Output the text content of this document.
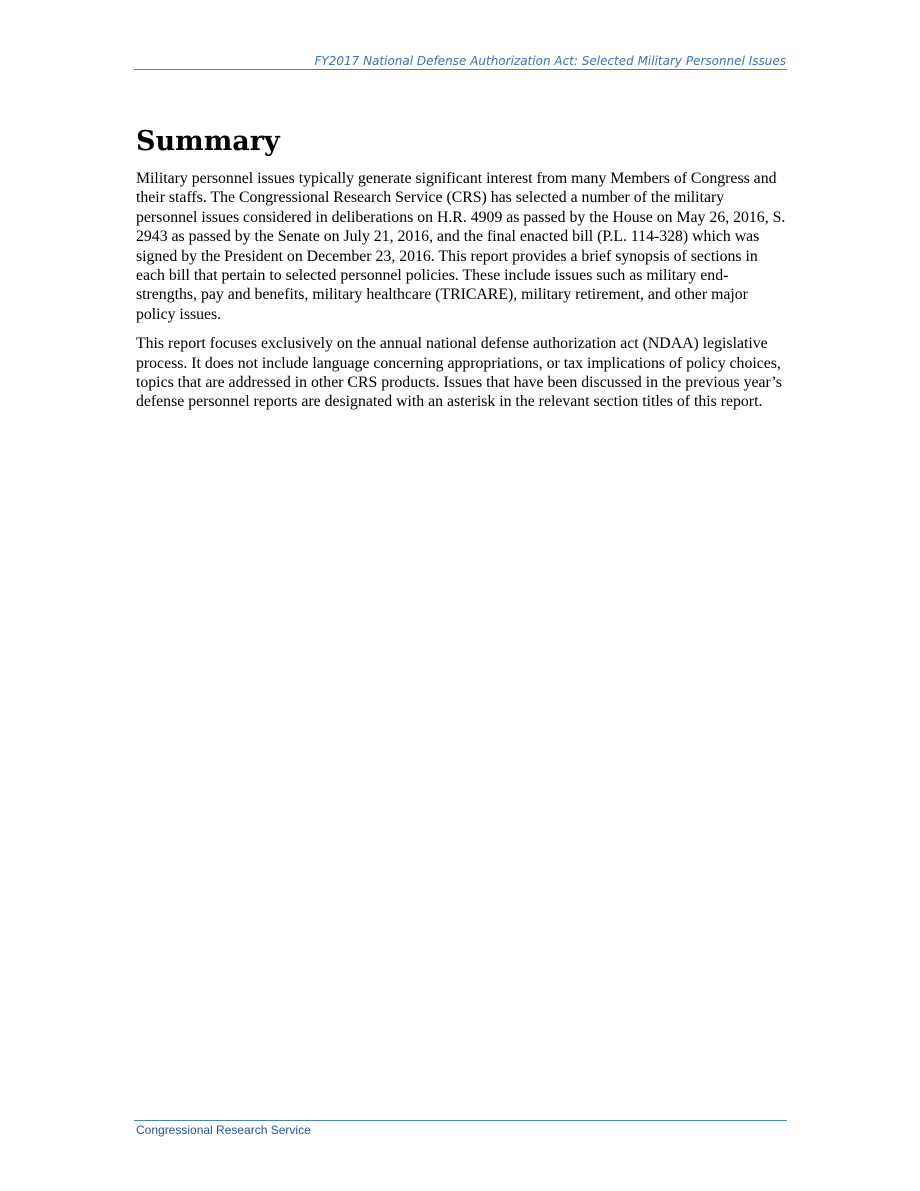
FY2017 National Defense Authorization Act: Selected Military Personnel Issues
Summary

Military personnel issues typically generate significant interest from many Members of Congress and their staffs. The Congressional Research Service (CRS) has selected a number of the military personnel issues considered in deliberations on H.R. 4909 as passed by the House on May 26, 2016, S. 2943 as passed by the Senate on July 21, 2016, and the final enacted bill (P.L. 114-328) which was signed by the President on December 23, 2016. This report provides a brief synopsis of sections in each bill that pertain to selected personnel policies. These include issues such as military end-strengths, pay and benefits, military healthcare (TRICARE), military retirement, and other major policy issues.

This report focuses exclusively on the annual national defense authorization act (NDAA) legislative process. It does not include language concerning appropriations, or tax implications of policy choices, topics that are addressed in other CRS products. Issues that have been discussed in the previous year’s defense personnel reports are designated with an asterisk in the relevant section titles of this report.

Congressional Research Service
